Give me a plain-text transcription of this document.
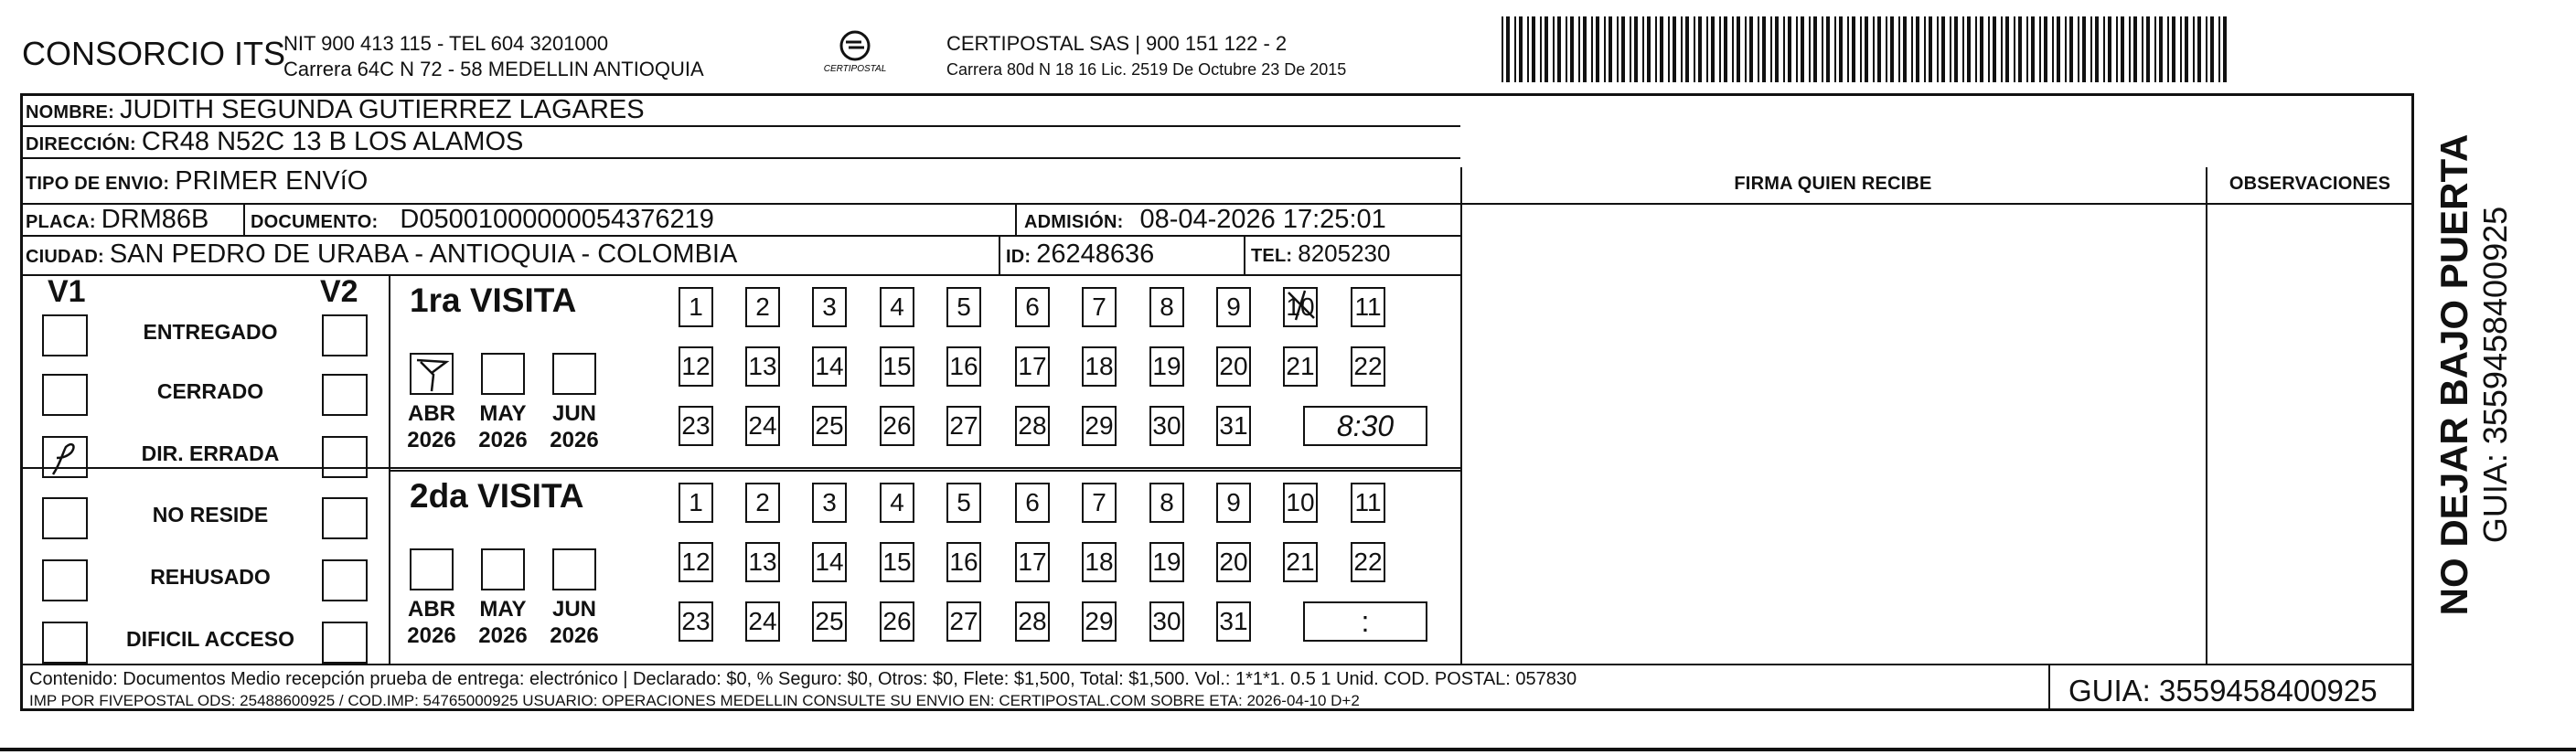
CONSORCIO ITS
NIT 900 413 115 - TEL 604 3201000
Carrera 64C N 72 - 58 MEDELLIN ANTIOQUIA	CERTIPOSTAL
CERTIPOSTAL SAS | 900 151 122 - 2
Carrera 80d N 18 16 Lic. 2519 De Octubre 23 De 2015
NOMBRE: JUDITH SEGUNDA GUTIERREZ LAGARES
DIRECCIÓN: CR48 N52C 13 B LOS ALAMOS
TIPO DE ENVIO: PRIMER ENVíO
PLACA: DRM86B DOCUMENTO: D05001000000054376219	ADMISIÓN: 08-04-2026 17:25:01
CIUDAD: SAN PEDRO DE URABA - ANTIOQUIA - COLOMBIA	ID: 26248636	TEL: 8205230
FIRMA QUIEN RECIBE	OBSERVACIONES
V1	V2
ENTREGADO
CERRADO
DIR. ERRADA
NO RESIDE
REHUSADO
DIFICIL ACCESO
1ra VISITA
ABR
2026
MAY
2026
JUN
2026
1 2 3 4 5 6 7 8 9 10 11
12 13 14 15 16 17 18 19 20 21 22
23 24 25 26 27 28 29 30 31	8:30
2da VISITA
ABR
2026
MAY
2026
JUN
2026
1 2 3 4 5 6 7 8 9 10 11
12 13 14 15 16 17 18 19 20 21 22
23 24 25 26 27 28 29 30 31	:
Contenido: Documentos Medio recepción prueba de entrega: electrónico | Declarado: $0, % Seguro: $0, Otros: $0, Flete: $1,500, Total: $1,500. Vol.: 1*1*1. 0.5 1 Unid. COD. POSTAL: 057830
IMP POR FIVEPOSTAL ODS: 25488600925 / COD.IMP: 54765000925 USUARIO: OPERACIONES MEDELLIN CONSULTE SU ENVIO EN: CERTIPOSTAL.COM SOBRE ETA: 2026-04-10 D+2	GUIA: 3559458400925
NO DEJAR BAJO PUERTA GUIA: 3559458400925
